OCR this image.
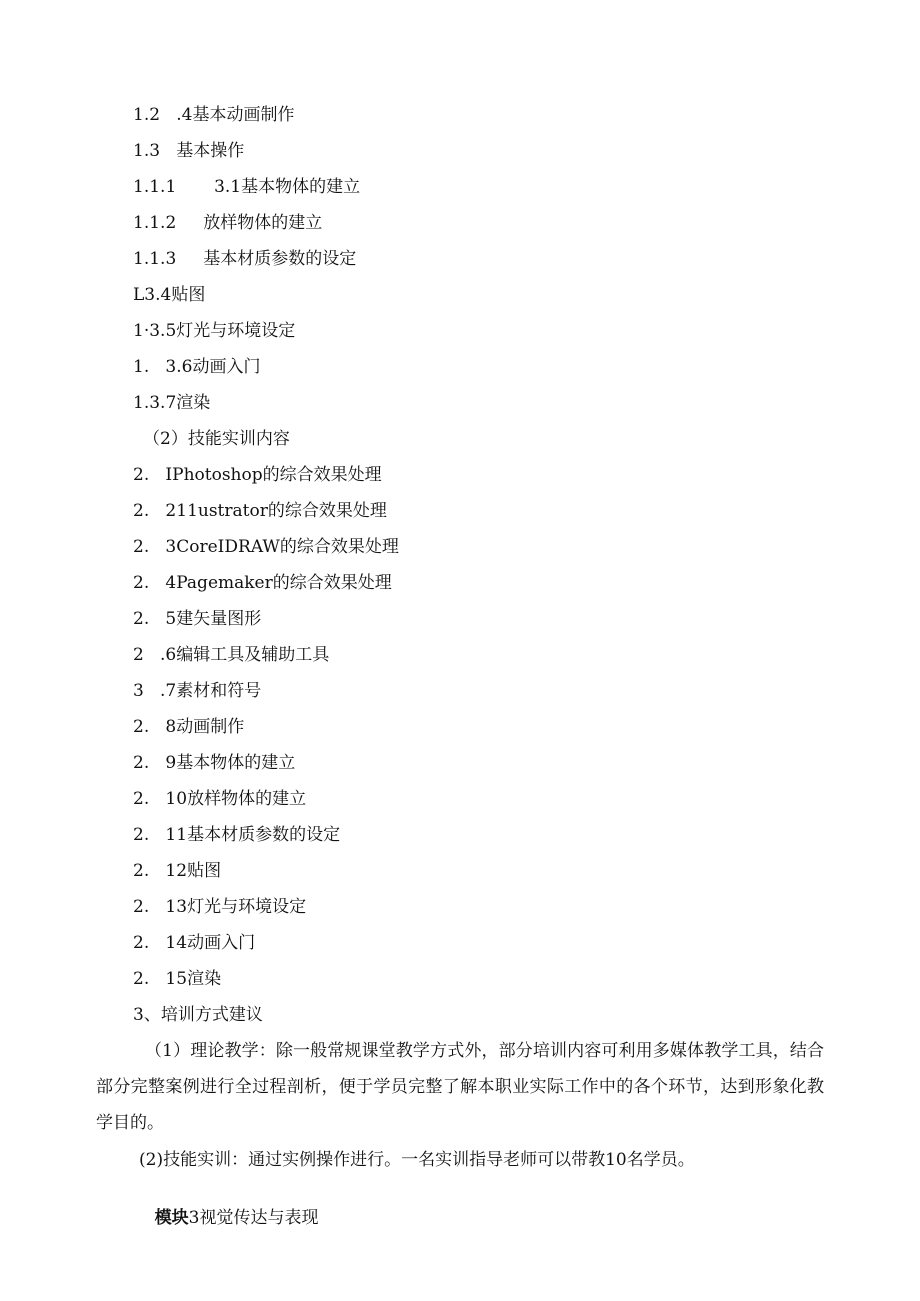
1.2   .4基本动画制作
1.3   基本操作
1.1.1       3.1基本物体的建立
1.1.2     放样物体的建立
1.1.3     基本材质参数的设定
L3.4贴图
1·3.5灯光与环境设定
1.   3.6动画入门
1.3.7渲染
（2）技能实训内容
2.   IPhotoshop的综合效果处理
2.   211ustrator的综合效果处理
2.   3CoreIDRAW的综合效果处理
2.   4Pagemaker的综合效果处理
2.   5建矢量图形
2   .6编辑工具及辅助工具
3   .7素材和符号
2.   8动画制作
2.   9基本物体的建立
2.   10放样物体的建立
2.   11基本材质参数的设定
2.   12贴图
2.   13灯光与环境设定
2.   14动画入门
2.   15渲染
3、培训方式建议
（1）理论教学：除一般常规课堂教学方式外，部分培训内容可利用多媒体教学工具，结合部分完整案例进行全过程剖析，便于学员完整了解本职业实际工作中的各个环节，达到形象化教学目的。
(2)技能实训：通过实例操作进行。一名实训指导老师可以带教10名学员。

模块3视觉传达与表现
